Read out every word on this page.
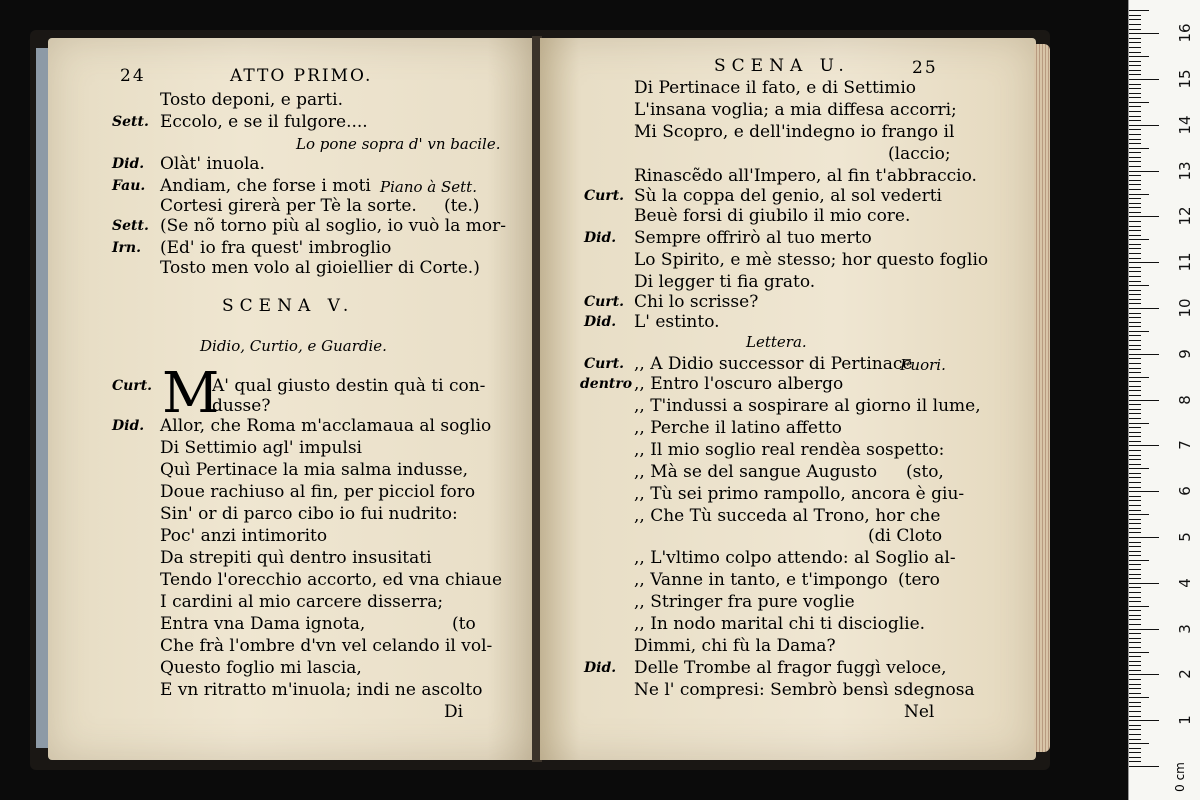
24	ATTO PRIMO.
Tosto deponi, e parti.
Sett. Eccolo, e se il fulgore....
Lo pone sopra d' vn bacile.
Did. Olàt' inuola.
Fau. Andiam, che forse i moti Piano à Sett.
Cortesi girerà per Tè la sorte. (te.)
Sett. (Se nõ torno più al soglio, io vuò la mor-
Irn. (Ed' io fra quest' imbroglio
Tosto men volo al gioiellier di Corte.)
SCENA V.
Didio, Curtio, e Guardie.
Curt. M
A' qual giusto destin quà ti con-
dusse?
Did. Allor, che Roma m'acclamaua al soglio
Di Settimio agl' impulsi
Quì Pertinace la mia salma indusse,
Doue rachiuso al fin, per picciol foro
Sin' or di parco cibo io fui nudrito:
Poc' anzi intimorito
Da strepiti quì dentro insusitati
Tendo l'orecchio accorto, ed vna chiaue
I cardini al mio carcere disserra;
Entra vna Dama ignota,	(to
Che frà l'ombre d'vn vel celando il vol-
Questo foglio mi lascia,
E vn ritratto m'inuola; indi ne ascolto
Di
SCENA U.	25
Di Pertinace il fato, e di Settimio
L'insana voglia; a mia diffesa accorri;
Mi Scopro, e dell'indegno io frango il
(laccio;
Rinascẽdo all'Impero, al fin t'abbraccio.
Curt. Sù la coppa del genio, al sol vederti
Beuè forsi di giubilo il mio core.
Did. Sempre offrirò al tuo merto
Lo Spirito, e mè stesso; hor questo foglio
Di legger ti fia grato.
Curt. Chi lo scrisse?
Did. L' estinto.
Lettera.
Curt. ,, A Didio successor di Pertinace
Fuori.
dentro ,, Entro l'oscuro albergo
,, T'indussi a sospirare al giorno il lume,
,, Perche il latino affetto
,, Il mio soglio real rendèa sospetto:
,, Mà se del sangue Augusto (sto,
,, Tù sei primo rampollo, ancora è giu-
,, Che Tù succeda al Trono, hor che
(di Cloto
,, L'vltimo colpo attendo: al Soglio al-
,, Vanne in tanto, e t'impongo (tero
,, Stringer fra pure voglie
,, In nodo marital chi ti discioglie.
Dimmi, chi fù la Dama?
Did. Delle Trombe al fragor fuggì veloce,
Ne l' compresi: Sembrò bensì sdegnosa
Nel
0 cm
1
2
3
4
5
6
7
8
9
10
11
12
13
14
15
16
